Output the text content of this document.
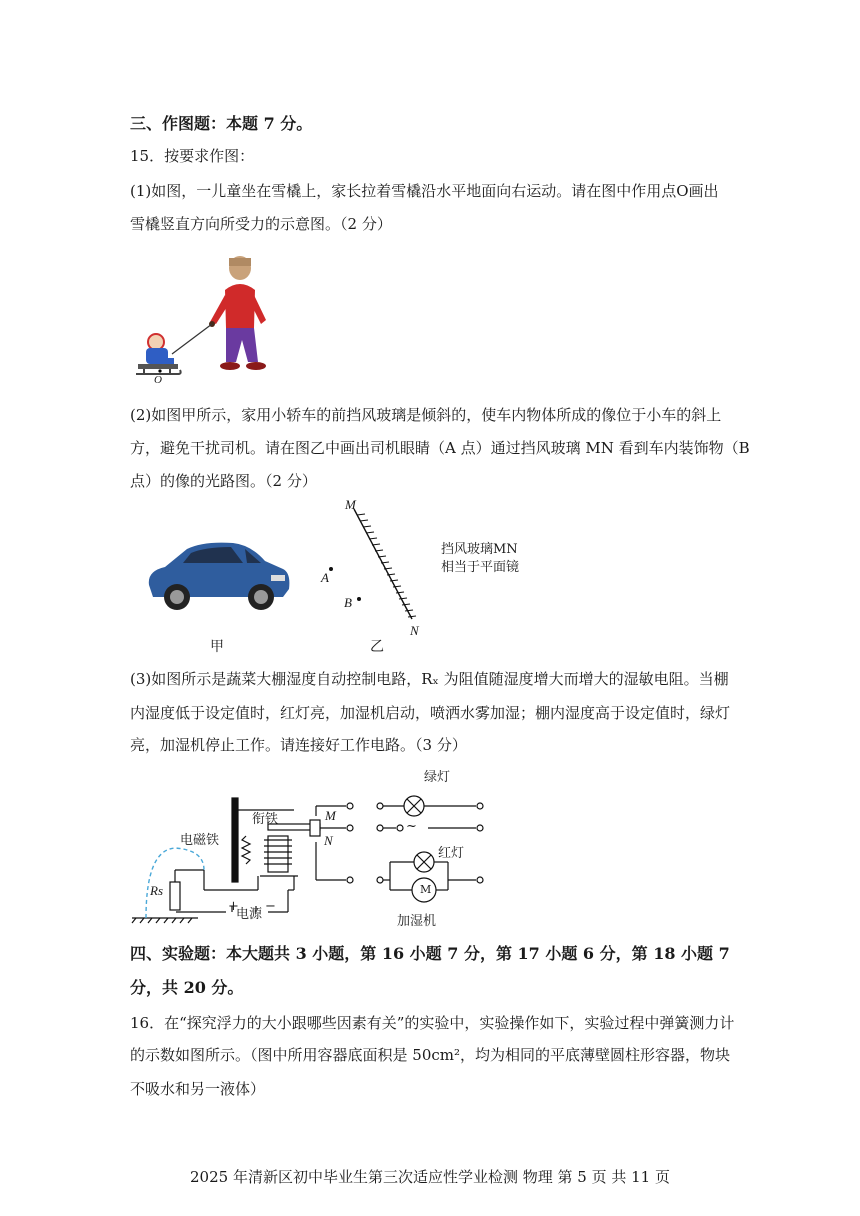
三、作图题：本题 7 分。
15．按要求作图：
(1)如图，一儿童坐在雪橇上，家长拉着雪橇沿水平地面向右运动。请在图中作用点O画出
雪橇竖直方向所受力的示意图。（2 分）
O
(2)如图甲所示，家用小轿车的前挡风玻璃是倾斜的，使车内物体所成的像位于小车的斜上
方，避免干扰司机。请在图乙中画出司机眼睛（A 点）通过挡风玻璃 MN 看到车内装饰物（B
点）的像的光路图。（2 分）
甲
M
N
A
B
挡风玻璃MN
相当于平面镜
乙
(3)如图所示是蔬菜大棚湿度自动控制电路，Rₓ 为阻值随湿度增大而增大的湿敏电阻。当棚
内湿度低于设定值时，红灯亮，加湿机启动，喷洒水雾加湿；棚内湿度高于设定值时，绿灯
亮，加湿机停止工作。请连接好工作电路。（3 分）
衔铁
电磁铁
M
N
绿灯
~
红灯
M
加湿机
+
电源
−
Rs
四、实验题：本大题共 3 小题，第 16 小题 7 分，第 17 小题 6 分，第 18 小题 7
分，共 20 分。
16．在“探究浮力的大小跟哪些因素有关”的实验中，实验操作如下，实验过程中弹簧测力计
的示数如图所示。（图中所用容器底面积是 50cm²，均为相同的平底薄壁圆柱形容器，物块
不吸水和另一液体）
2025 年清新区初中毕业生第三次适应性学业检测 物理 第 5 页 共 11 页
